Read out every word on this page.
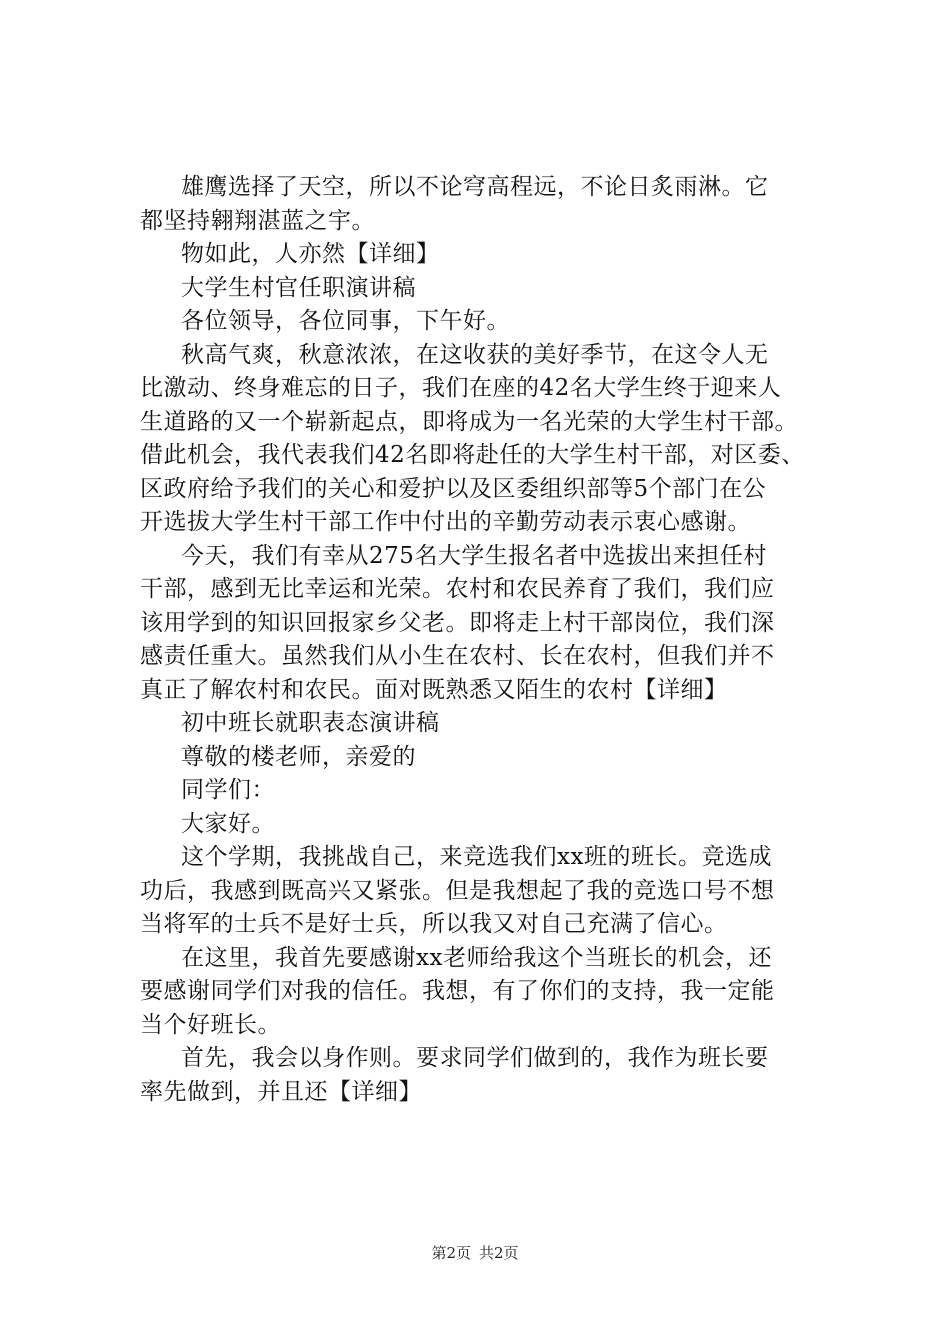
雄鹰选择了天空，所以不论穹高程远，不论日炙雨淋。它
都坚持翱翔湛蓝之宇。
物如此，人亦然【详细】
大学生村官任职演讲稿
各位领导，各位同事，下午好。
秋高气爽，秋意浓浓，在这收获的美好季节，在这令人无
比激动、终身难忘的日子，我们在座的42名大学生终于迎来人
生道路的又一个崭新起点，即将成为一名光荣的大学生村干部。
借此机会，我代表我们42名即将赴任的大学生村干部，对区委、
区政府给予我们的关心和爱护以及区委组织部等5个部门在公
开选拔大学生村干部工作中付出的辛勤劳动表示衷心感谢。
今天，我们有幸从275名大学生报名者中选拔出来担任村
干部，感到无比幸运和光荣。农村和农民养育了我们，我们应
该用学到的知识回报家乡父老。即将走上村干部岗位，我们深
感责任重大。虽然我们从小生在农村、长在农村，但我们并不
真正了解农村和农民。面对既熟悉又陌生的农村【详细】
初中班长就职表态演讲稿
尊敬的楼老师，亲爱的
同学们：
大家好。
这个学期，我挑战自己，来竞选我们xx班的班长。竞选成
功后，我感到既高兴又紧张。但是我想起了我的竞选口号不想
当将军的士兵不是好士兵，所以我又对自己充满了信心。
在这里，我首先要感谢xx老师给我这个当班长的机会，还
要感谢同学们对我的信任。我想，有了你们的支持，我一定能
当个好班长。
首先，我会以身作则。要求同学们做到的，我作为班长要
率先做到，并且还【详细】
第2页 共2页
